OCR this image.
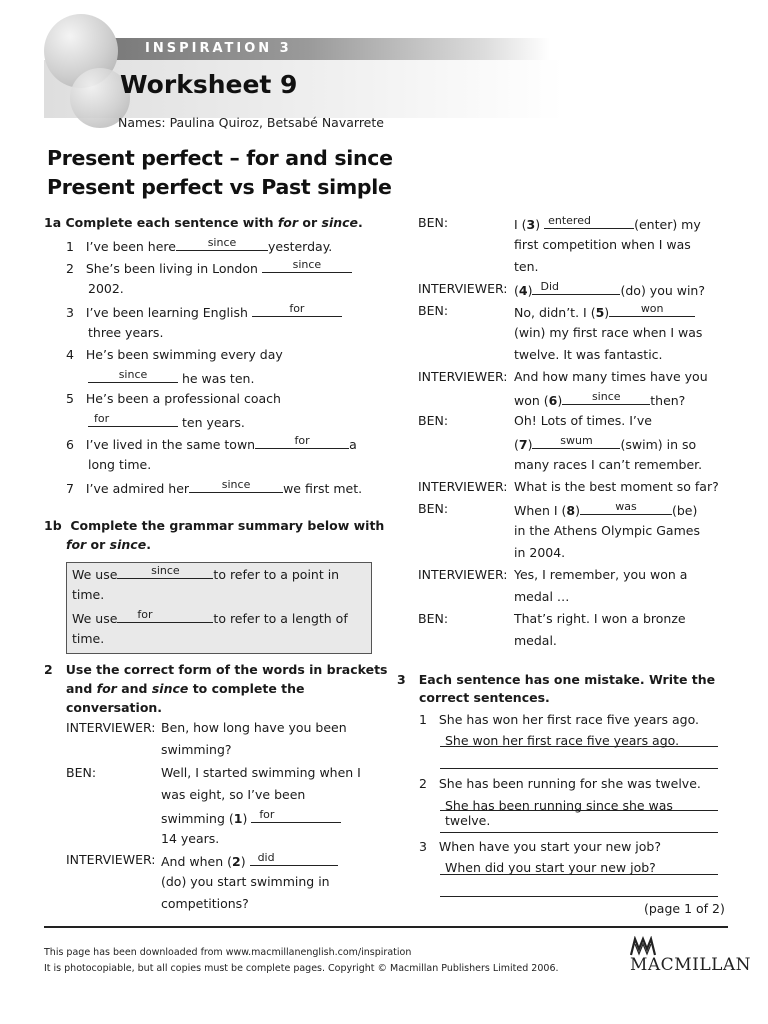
INSPIRATION 3
Worksheet 9
Names: Paulina Quiroz, Betsabé Navarrete
Present perfect – for and since
Present perfect vs Past simple
1a Complete each sentence with for or since.
1 I’ve been here	since	yesterday.
2 She’s been living in London	since
2002.
3 I’ve been learning English	for
three years.
4 He’s been swimming every day
since	he was ten.
5 He’s been a professional coach
for	ten years.
6 I’ve lived in the same town	for	a
long time.
7 I’ve admired her	since	we first met.
1b Complete the grammar summary below with
for or since.
We use	since	to refer to a point in
time.
We use	for	to refer to a length of
time.
2 Use the correct form of the words in brackets
and for and since to complete the
conversation.
INTERVIEWER: Ben, how long have you been
swimming?
BEN:	Well, I started swimming when I
was eight, so I’ve been
swimming (1) for
14 years.
INTERVIEWER: And when (2) did
(do) you start swimming in
competitions?
BEN:	I (3) entered	(enter) my
first competition when I was
ten.
INTERVIEWER: (4) Did	(do) you win?
BEN:	No, didn’t. I (5)	won
(win) my first race when I was
twelve. It was fantastic.
INTERVIEWER: And how many times have you
won (6)	since	then?
BEN:	Oh! Lots of times. I’ve
(7)	swum	(swim) in so
many races I can’t remember.
INTERVIEWER: What is the best moment so far?
BEN:	When I (8)	was	(be)
in the Athens Olympic Games
in 2004.
INTERVIEWER: Yes, I remember, you won a
medal …
BEN:	That’s right. I won a bronze
medal.
3 Each sentence has one mistake. Write the
correct sentences.
1 She has won her first race five years ago.
She won her first race five years ago.
2 She has been running for she was twelve.
She has been running since she was
twelve.
3 When have you start your new job?
When did you start your new job?
(page 1 of 2)
This page has been downloaded from www.macmillanenglish.com/inspiration
It is photocopiable, but all copies must be complete pages. Copyright © Macmillan Publishers Limited 2006.	MACMILLAN
